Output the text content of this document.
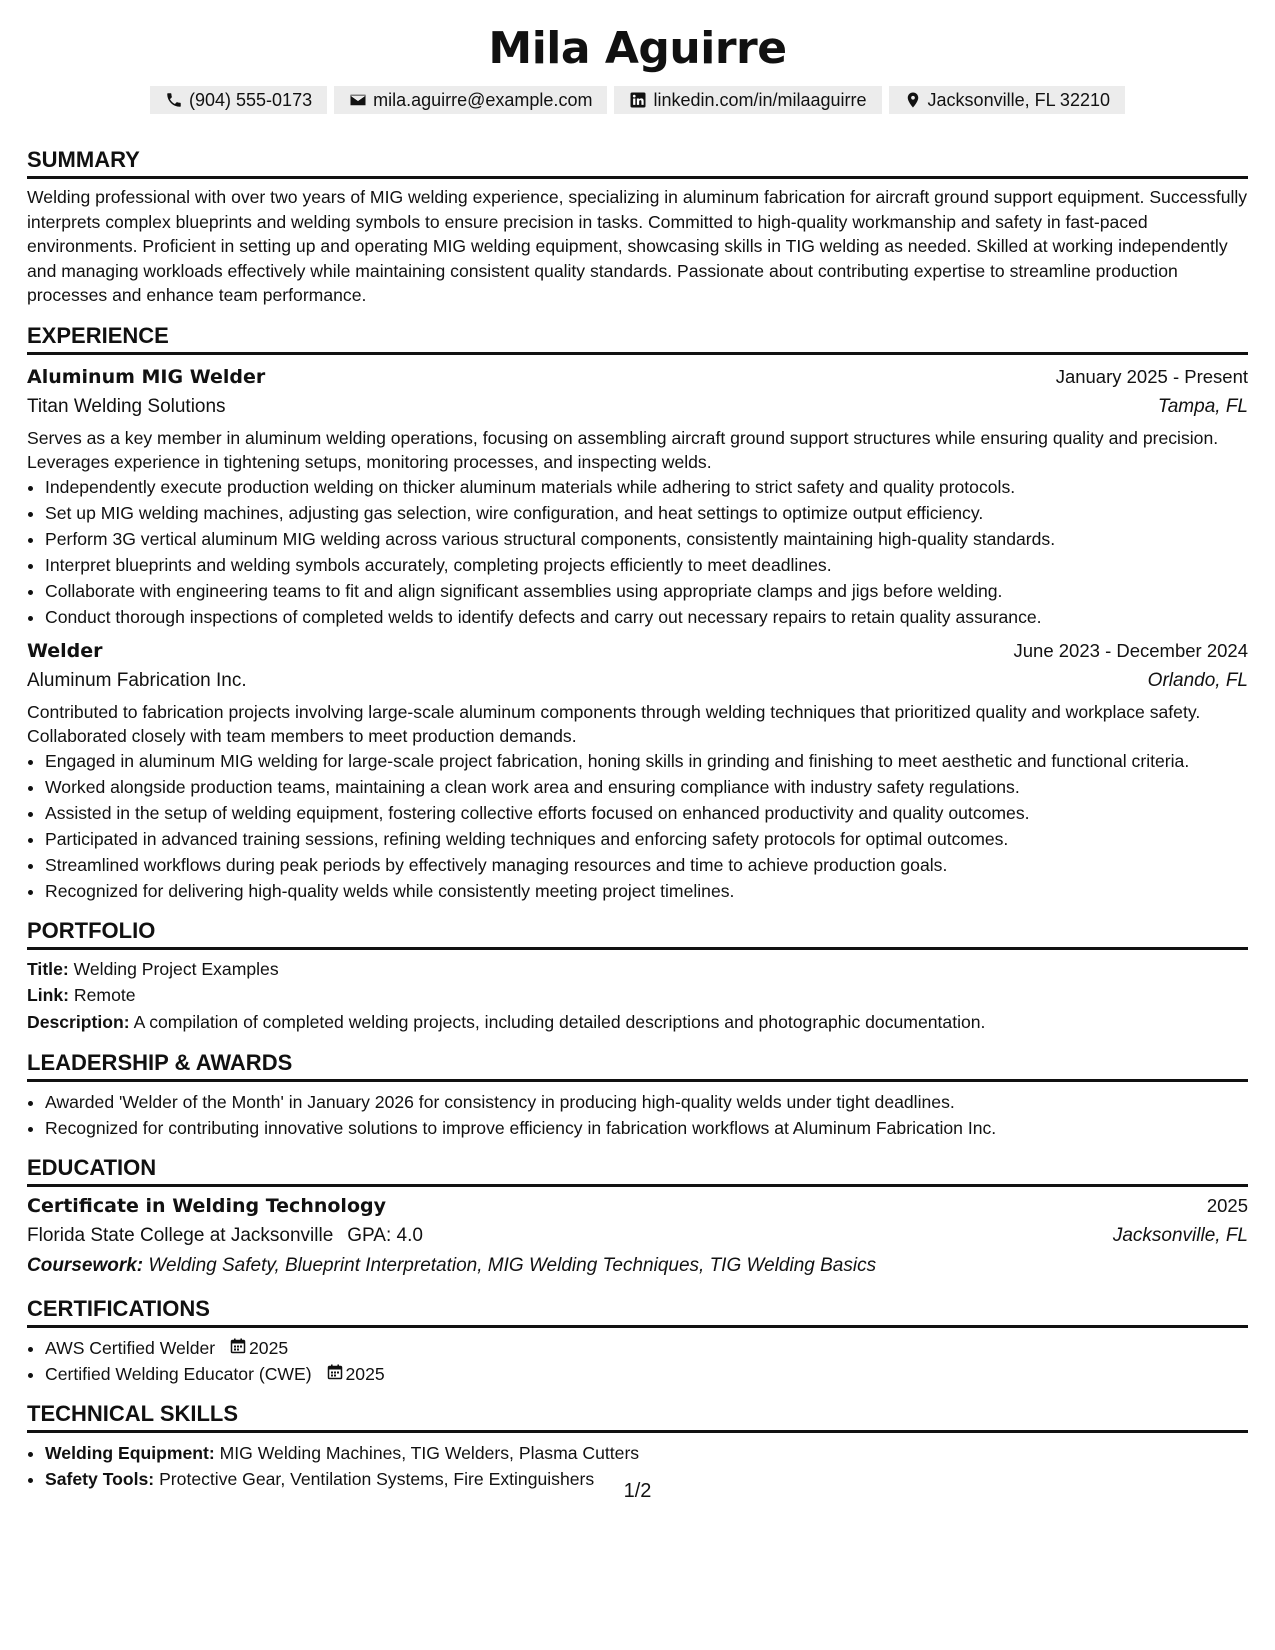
Mila Aguirre
(904) 555-0173	mila.aguirre@example.com	linkedin.com/in/milaaguirre	Jacksonville, FL 32210
SUMMARY

Welding professional with over two years of MIG welding experience, specializing in aluminum fabrication for aircraft ground support equipment. Successfully interprets complex blueprints and welding symbols to ensure precision in tasks. Committed to high-quality workmanship and safety in fast-paced environments. Proficient in setting up and operating MIG welding equipment, showcasing skills in TIG welding as needed. Skilled at working independently and managing workloads effectively while maintaining consistent quality standards. Passionate about contributing expertise to streamline production processes and enhance team performance.

EXPERIENCE
Aluminum MIG Welder	January 2025 - Present
Titan Welding Solutions	Tampa, FL

Serves as a key member in aluminum welding operations, focusing on assembling aircraft ground support structures while ensuring quality and precision. Leverages experience in tightening setups, monitoring processes, and inspecting welds.

• Independently execute production welding on thicker aluminum materials while adhering to strict safety and quality protocols.
• Set up MIG welding machines, adjusting gas selection, wire configuration, and heat settings to optimize output efficiency.
• Perform 3G vertical aluminum MIG welding across various structural components, consistently maintaining high-quality standards.
• Interpret blueprints and welding symbols accurately, completing projects efficiently to meet deadlines.
• Collaborate with engineering teams to fit and align significant assemblies using appropriate clamps and jigs before welding.
• Conduct thorough inspections of completed welds to identify defects and carry out necessary repairs to retain quality assurance.
Welder	June 2023 - December 2024
Aluminum Fabrication Inc.	Orlando, FL

Contributed to fabrication projects involving large-scale aluminum components through welding techniques that prioritized quality and workplace safety. Collaborated closely with team members to meet production demands.

• Engaged in aluminum MIG welding for large-scale project fabrication, honing skills in grinding and finishing to meet aesthetic and functional criteria.
• Worked alongside production teams, maintaining a clean work area and ensuring compliance with industry safety regulations.
• Assisted in the setup of welding equipment, fostering collective efforts focused on enhanced productivity and quality outcomes.
• Participated in advanced training sessions, refining welding techniques and enforcing safety protocols for optimal outcomes.
• Streamlined workflows during peak periods by effectively managing resources and time to achieve production goals.
• Recognized for delivering high-quality welds while consistently meeting project timelines.
PORTFOLIO
Title: Welding Project Examples
Link: Remote
Description: A compilation of completed welding projects, including detailed descriptions and photographic documentation.
LEADERSHIP & AWARDS
• Awarded 'Welder of the Month' in January 2026 for consistency in producing high-quality welds under tight deadlines.
• Recognized for contributing innovative solutions to improve efficiency in fabrication workflows at Aluminum Fabrication Inc.
EDUCATION
Certificate in Welding Technology	2025
Florida State College at Jacksonville GPA: 4.0	Jacksonville, FL
Coursework: Welding Safety, Blueprint Interpretation, MIG Welding Techniques, TIG Welding Basics
CERTIFICATIONS
• AWS Certified Welder 2025
• Certified Welding Educator (CWE) 2025
TECHNICAL SKILLS
• Welding Equipment: MIG Welding Machines, TIG Welders, Plasma Cutters
• Safety Tools: Protective Gear, Ventilation Systems, Fire Extinguishers
1/2
